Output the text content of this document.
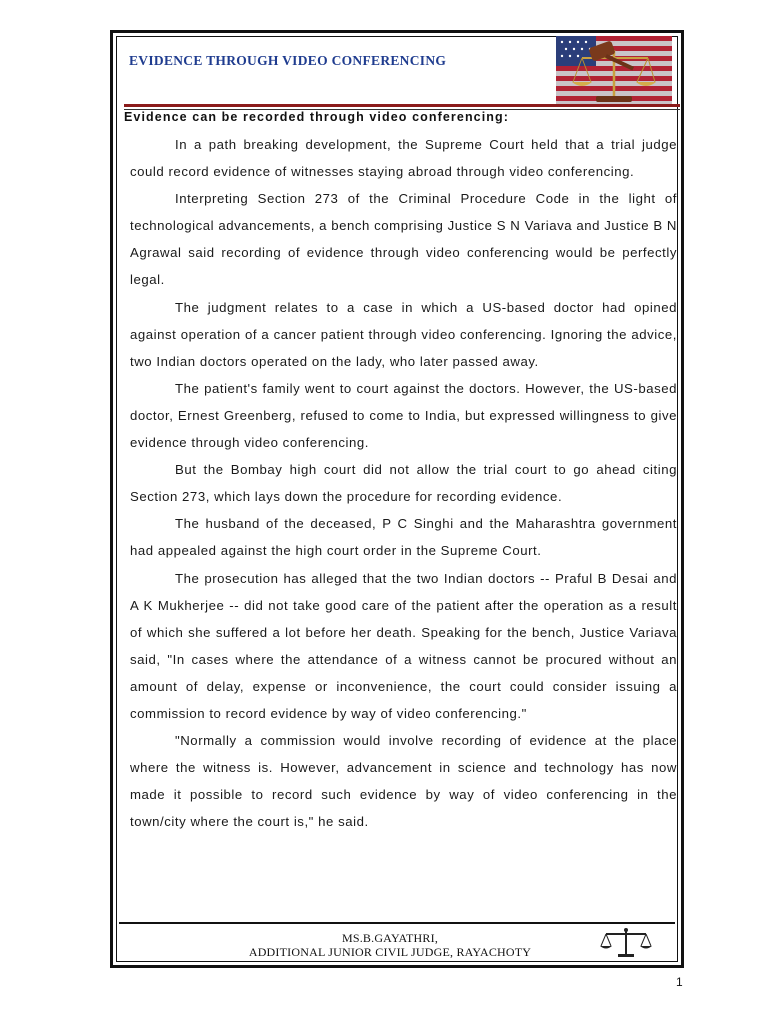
EVIDENCE THROUGH VIDEO CONFERENCING
Evidence can be recorded through video conferencing:

In a path breaking development, the Supreme Court held that a trial judge could record evidence of witnesses staying abroad through video conferencing.

Interpreting Section 273 of the Criminal Procedure Code in the light of technological advancements, a bench comprising Justice S N Variava and Justice B N Agrawal said recording of evidence through video conferencing would be perfectly legal.

The judgment relates to a case in which a US-based doctor had opined against operation of a cancer patient through video conferencing. Ignoring the advice, two Indian doctors operated on the lady, who later passed away.

The patient's family went to court against the doctors. However, the US-based doctor, Ernest Greenberg, refused to come to India, but expressed willingness to give evidence through video conferencing.

But the Bombay high court did not allow the trial court to go ahead citing Section 273, which lays down the procedure for recording evidence.

The husband of the deceased, P C Singhi and the Maharashtra government had appealed against the high court order in the Supreme Court.

The prosecution has alleged that the two Indian doctors -- Praful B Desai and A K Mukherjee -- did not take good care of the patient after the operation as a result of which she suffered a lot before her death. Speaking for the bench, Justice Variava said, "In cases where the attendance of a witness cannot be procured without an amount of delay, expense or inconvenience, the court could consider issuing a commission to record evidence by way of video conferencing."

"Normally a commission would involve recording of evidence at the place where the witness is. However, advancement in science and technology has now made it possible to record such evidence by way of video conferencing in the town/city where the court is," he said.

MS.B.GAYATHRI,
ADDITIONAL JUNIOR CIVIL JUDGE, RAYACHOTY
1
